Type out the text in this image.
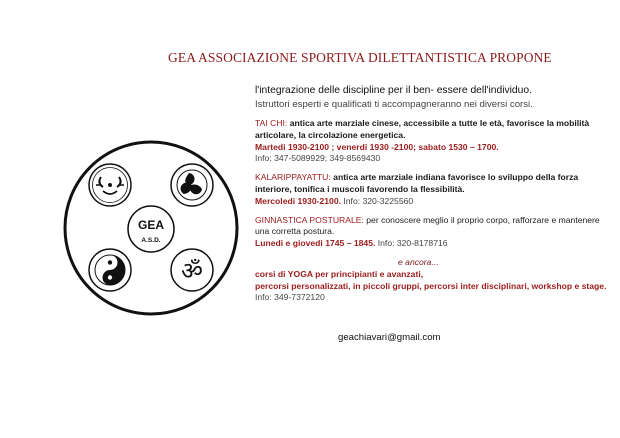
GEA ASSOCIAZIONE SPORTIVA DILETTANTISTICA PROPONE
GEA
A.S.D.
ॐ
l'integrazione delle discipline per il ben- essere dell'individuo.
Istruttori esperti e qualificati ti accompagneranno nei diversi corsi.
TAI CHI: antica arte marziale cinese, accessibile a tutte le età, favorisce la mobilità articolare, la circolazione energetica.
Martedi 1930-2100 ; venerdi 1930 -2100; sabato 1530 – 1700.
Info: 347-5089929; 349-8569430
KALARIPPAYATTU: antica arte marziale indiana favorisce lo sviluppo della forza interiore, tonifica i muscoli favorendo la flessibilità.
Mercoledi 1930-2100. Info: 320-3225560
GINNASTICA POSTURALE: per conoscere meglio il proprio corpo, rafforzare e mantenere una corretta postura.
Lunedi e giovedi 1745 – 1845. Info: 320-8178716
e ancora...
corsi di YOGA per principianti e avanzati,
percorsi personalizzati, in piccoli gruppi, percorsi inter disciplinari, workshop e stage.
Info: 349-7372120
geachiavari@gmail.com
